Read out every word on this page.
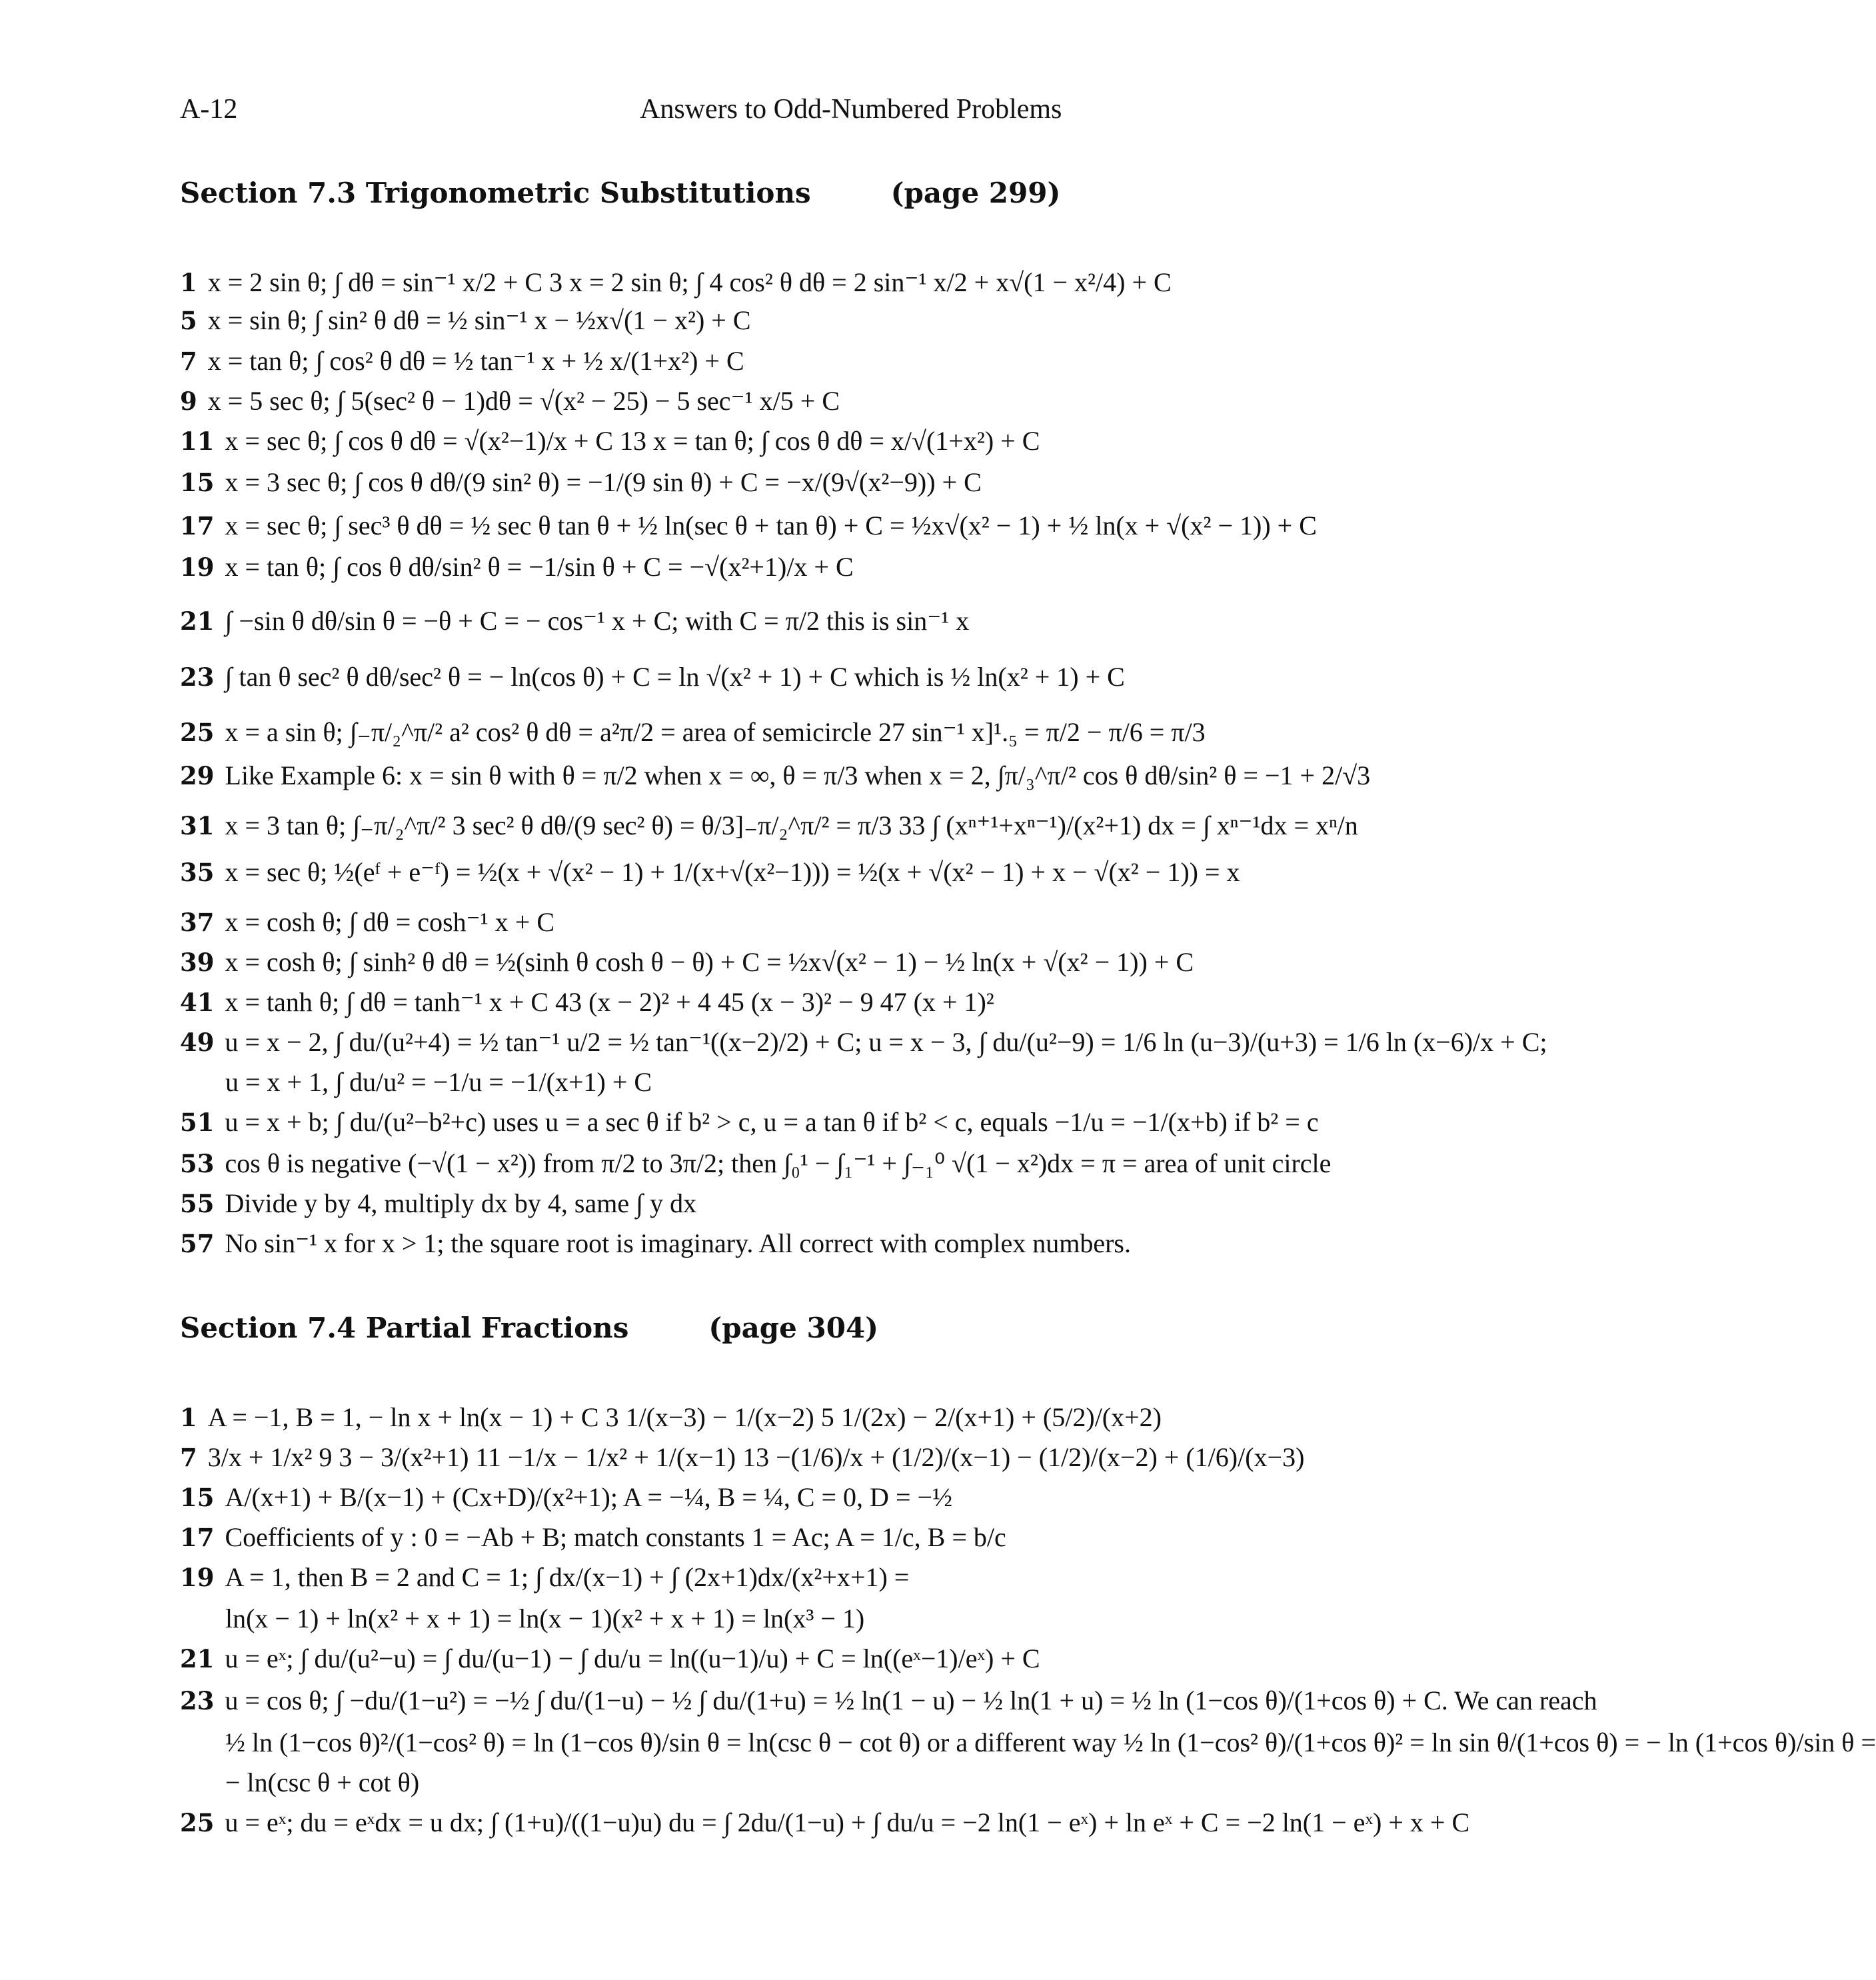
A-12	Answers to Odd-Numbered Problems
Section 7.3 Trigonometric Substitutions	(page 299)
1 x = 2 sin θ; ∫ dθ = sin⁻¹ x/2 + C 3 x = 2 sin θ; ∫ 4 cos² θ dθ = 2 sin⁻¹ x/2 + x√(1 − x²/4) + C
5 x = sin θ; ∫ sin² θ dθ = ½ sin⁻¹ x − ½x√(1 − x²) + C
7 x = tan θ; ∫ cos² θ dθ = ½ tan⁻¹ x + ½ x/(1+x²) + C
9 x = 5 sec θ; ∫ 5(sec² θ − 1)dθ = √(x² − 25) − 5 sec⁻¹ x/5 + C
11 x = sec θ; ∫ cos θ dθ = √(x²−1)/x + C 13 x = tan θ; ∫ cos θ dθ = x/√(1+x²) + C
15 x = 3 sec θ; ∫ cos θ dθ/(9 sin² θ) = −1/(9 sin θ) + C = −x/(9√(x²−9)) + C
17 x = sec θ; ∫ sec³ θ dθ = ½ sec θ tan θ + ½ ln(sec θ + tan θ) + C = ½x√(x² − 1) + ½ ln(x + √(x² − 1)) + C
19 x = tan θ; ∫ cos θ dθ/sin² θ = −1/sin θ + C = −√(x²+1)/x + C
21 ∫ −sin θ dθ/sin θ = −θ + C = − cos⁻¹ x + C; with C = π/2 this is sin⁻¹ x
23 ∫ tan θ sec² θ dθ/sec² θ = − ln(cos θ) + C = ln √(x² + 1) + C which is ½ ln(x² + 1) + C
25 x = a sin θ; ∫₋π/₂^π/² a² cos² θ dθ = a²π/2 = area of semicircle 27 sin⁻¹ x]¹.₅ = π/2 − π/6 = π/3
29 Like Example 6: x = sin θ with θ = π/2 when x = ∞, θ = π/3 when x = 2, ∫π/₃^π/² cos θ dθ/sin² θ = −1 + 2/√3
31 x = 3 tan θ; ∫₋π/₂^π/² 3 sec² θ dθ/(9 sec² θ) = θ/3]₋π/₂^π/² = π/3 33 ∫ (xⁿ⁺¹+xⁿ⁻¹)/(x²+1) dx = ∫ xⁿ⁻¹dx = xⁿ/n
35 x = sec θ; ½(eᶠ + e⁻ᶠ) = ½(x + √(x² − 1) + 1/(x+√(x²−1))) = ½(x + √(x² − 1) + x − √(x² − 1)) = x
37 x = cosh θ; ∫ dθ = cosh⁻¹ x + C
39 x = cosh θ; ∫ sinh² θ dθ = ½(sinh θ cosh θ − θ) + C = ½x√(x² − 1) − ½ ln(x + √(x² − 1)) + C
41 x = tanh θ; ∫ dθ = tanh⁻¹ x + C 43 (x − 2)² + 4 45 (x − 3)² − 9 47 (x + 1)²
49 u = x − 2, ∫ du/(u²+4) = ½ tan⁻¹ u/2 = ½ tan⁻¹((x−2)/2) + C; u = x − 3, ∫ du/(u²−9) = 1/6 ln (u−3)/(u+3) = 1/6 ln (x−6)/x + C;
u = x + 1, ∫ du/u² = −1/u = −1/(x+1) + C
51 u = x + b; ∫ du/(u²−b²+c) uses u = a sec θ if b² > c, u = a tan θ if b² < c, equals −1/u = −1/(x+b) if b² = c
53 cos θ is negative (−√(1 − x²)) from π/2 to 3π/2; then ∫₀¹ − ∫₁⁻¹ + ∫₋₁⁰ √(1 − x²)dx = π = area of unit circle
55 Divide y by 4, multiply dx by 4, same ∫ y dx
57 No sin⁻¹ x for x > 1; the square root is imaginary. All correct with complex numbers.
Section 7.4 Partial Fractions	(page 304)
1 A = −1, B = 1, − ln x + ln(x − 1) + C 3 1/(x−3) − 1/(x−2) 5 1/(2x) − 2/(x+1) + (5/2)/(x+2)
7 3/x + 1/x² 9 3 − 3/(x²+1) 11 −1/x − 1/x² + 1/(x−1) 13 −(1/6)/x + (1/2)/(x−1) − (1/2)/(x−2) + (1/6)/(x−3)
15 A/(x+1) + B/(x−1) + (Cx+D)/(x²+1); A = −¼, B = ¼, C = 0, D = −½
17 Coefficients of y : 0 = −Ab + B; match constants 1 = Ac; A = 1/c, B = b/c
19 A = 1, then B = 2 and C = 1; ∫ dx/(x−1) + ∫ (2x+1)dx/(x²+x+1) =
ln(x − 1) + ln(x² + x + 1) = ln(x − 1)(x² + x + 1) = ln(x³ − 1)
21 u = eˣ; ∫ du/(u²−u) = ∫ du/(u−1) − ∫ du/u = ln((u−1)/u) + C = ln((eˣ−1)/eˣ) + C
23 u = cos θ; ∫ −du/(1−u²) = −½ ∫ du/(1−u) − ½ ∫ du/(1+u) = ½ ln(1 − u) − ½ ln(1 + u) = ½ ln (1−cos θ)/(1+cos θ) + C. We can reach
½ ln (1−cos θ)²/(1−cos² θ) = ln (1−cos θ)/sin θ = ln(csc θ − cot θ) or a different way ½ ln (1−cos² θ)/(1+cos θ)² = ln sin θ/(1+cos θ) = − ln (1+cos θ)/sin θ =
− ln(csc θ + cot θ)
25 u = eˣ; du = eˣdx = u dx; ∫ (1+u)/((1−u)u) du = ∫ 2du/(1−u) + ∫ du/u = −2 ln(1 − eˣ) + ln eˣ + C = −2 ln(1 − eˣ) + x + C
